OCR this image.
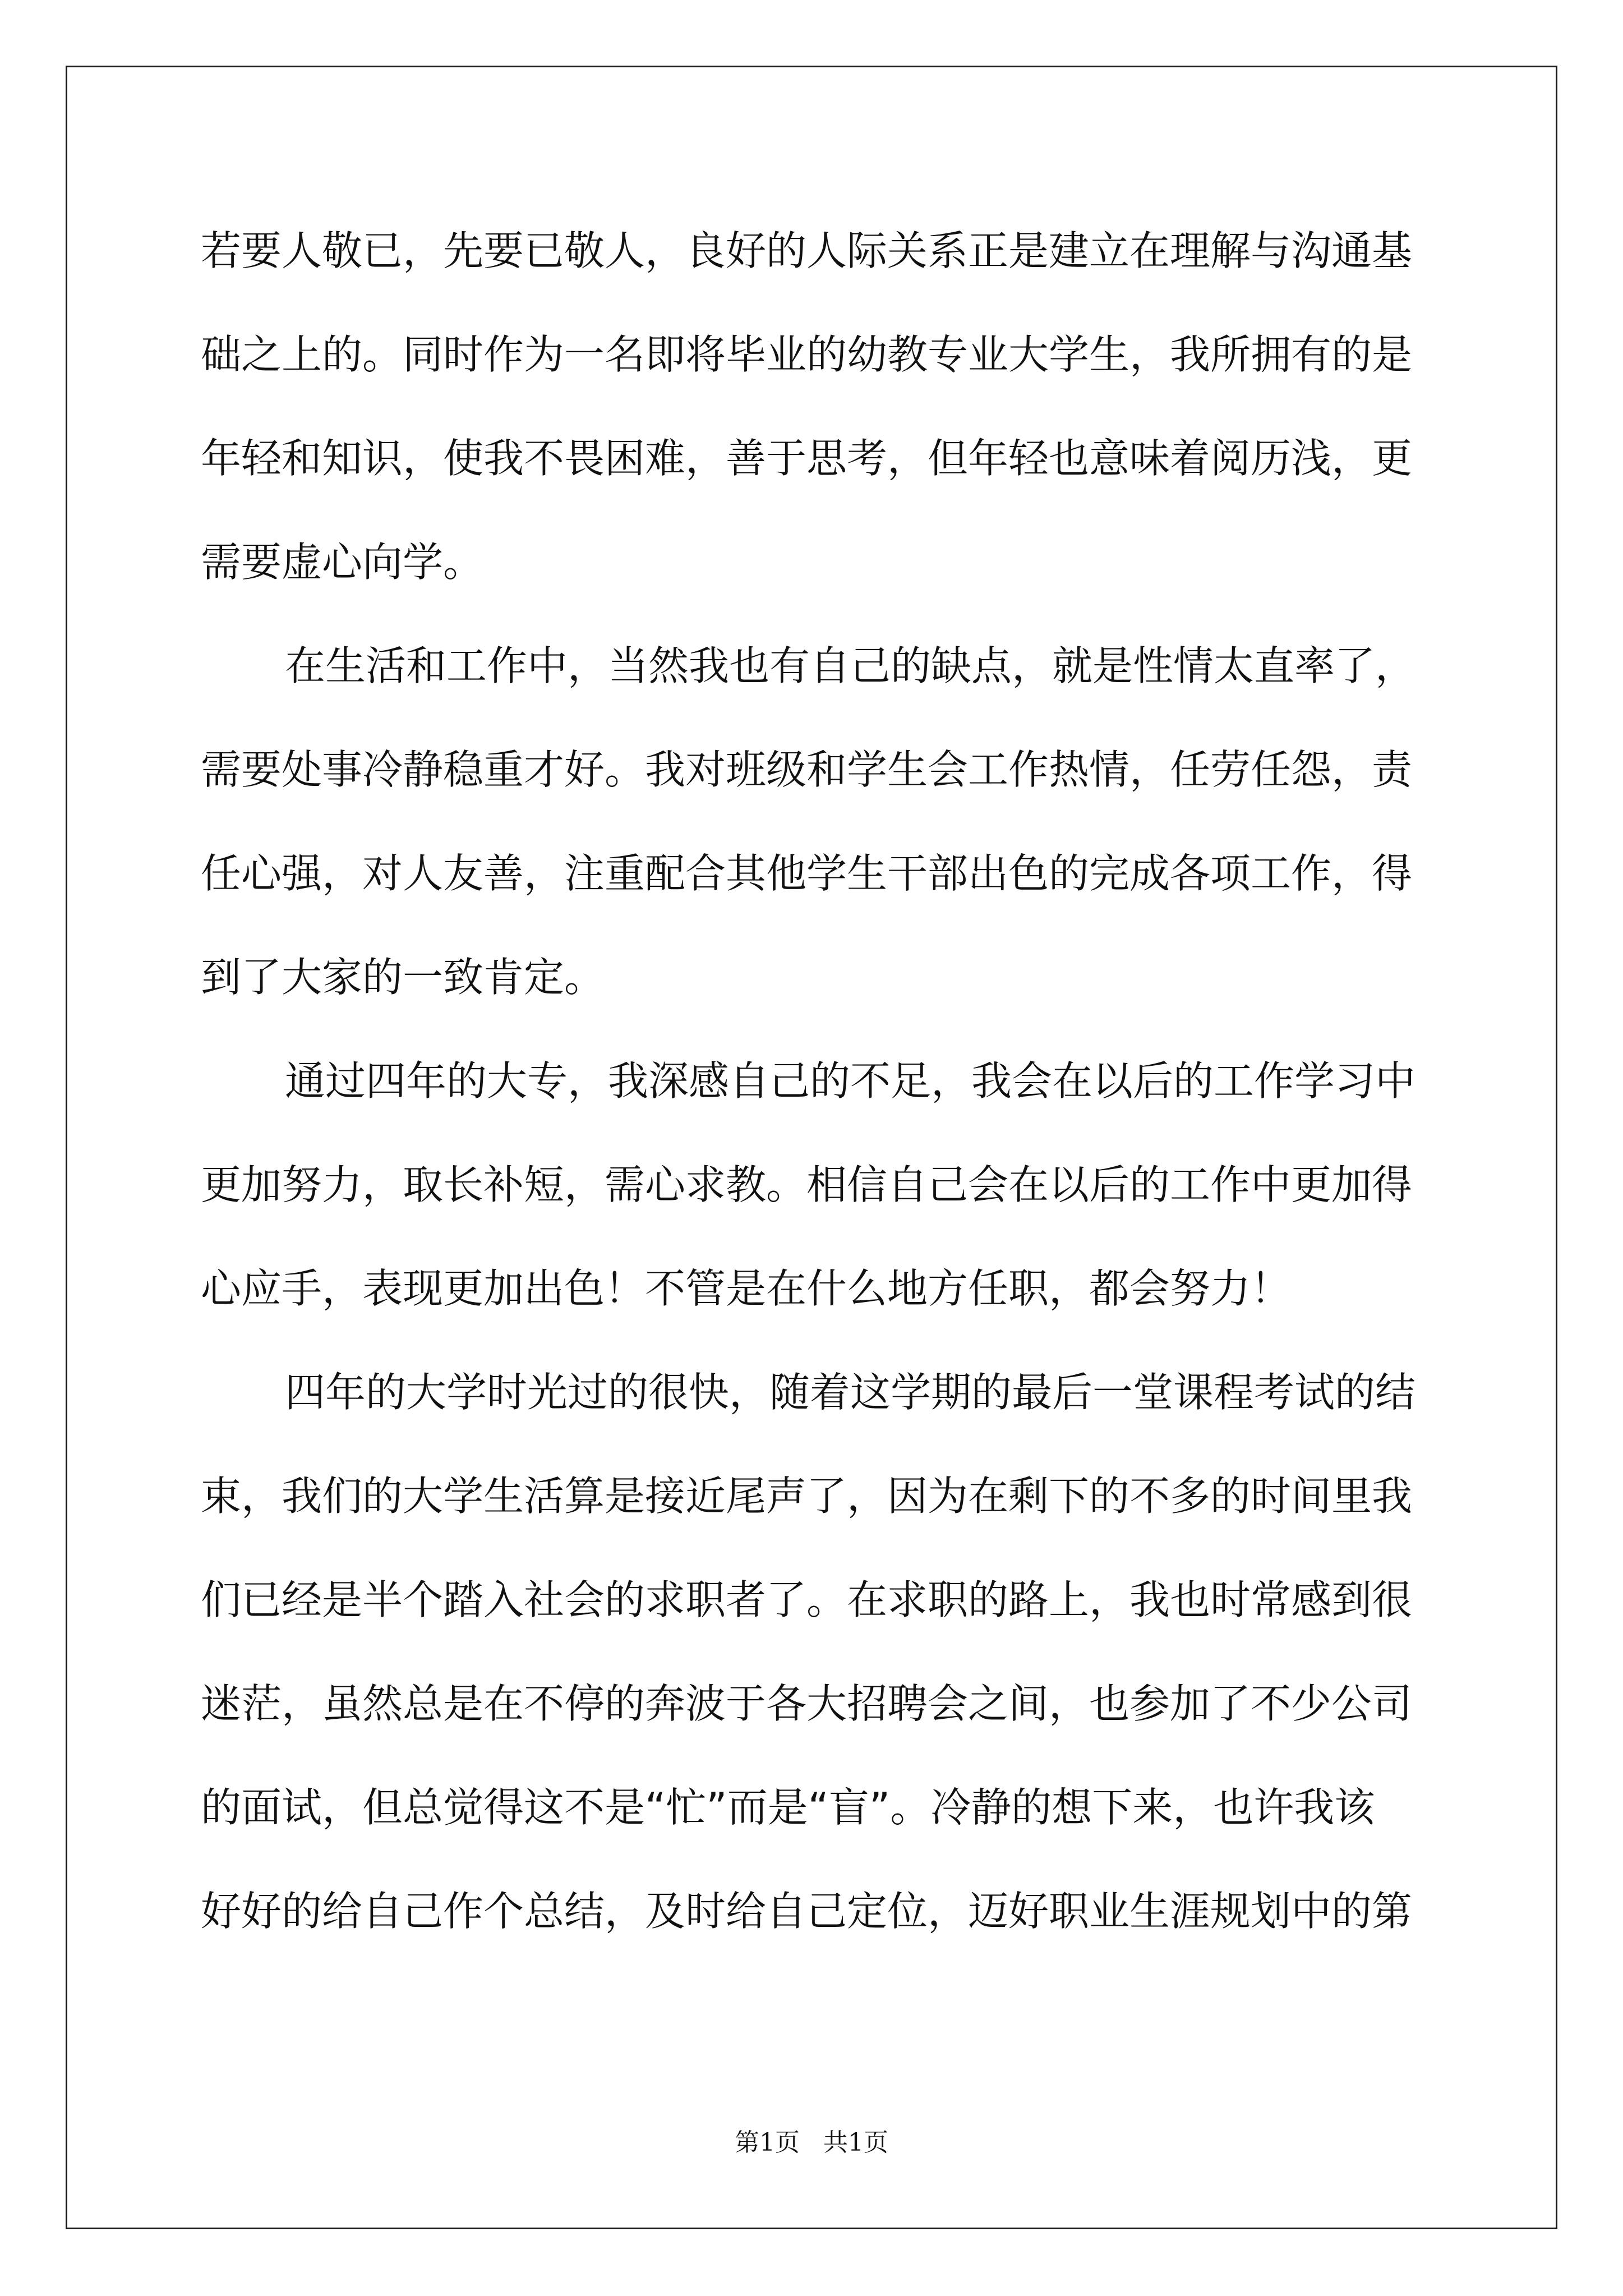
若要人敬已，先要已敬人，良好的人际关系正是建立在理解与沟通基
础之上的。同时作为一名即将毕业的幼教专业大学生，我所拥有的是
年轻和知识，使我不畏困难，善于思考，但年轻也意味着阅历浅，更
需要虚心向学。
在生活和工作中，当然我也有自己的缺点，就是性情太直率了，
需要处事冷静稳重才好。我对班级和学生会工作热情，任劳任怨，责
任心强，对人友善，注重配合其他学生干部出色的完成各项工作，得
到了大家的一致肯定。
通过四年的大专，我深感自己的不足，我会在以后的工作学习中
更加努力，取长补短，需心求教。相信自己会在以后的工作中更加得
心应手，表现更加出色！不管是在什么地方任职，都会努力！
四年的大学时光过的很快，随着这学期的最后一堂课程考试的结
束，我们的大学生活算是接近尾声了，因为在剩下的不多的时间里我
们已经是半个踏入社会的求职者了。在求职的路上，我也时常感到很
迷茫，虽然总是在不停的奔波于各大招聘会之间，也参加了不少公司
的面试，但总觉得这不是“忙”而是“盲”。冷静的想下来，也许我该
好好的给自己作个总结，及时给自己定位，迈好职业生涯规划中的第
第1页   共1页
